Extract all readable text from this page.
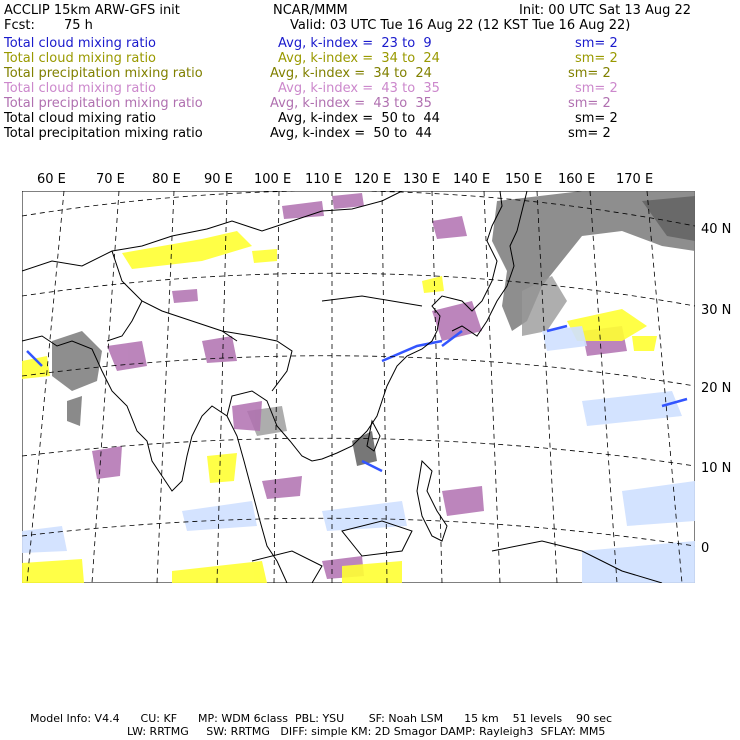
ACCLIP 15km ARW-GFS init	NCAR/MMM	Init: 00 UTC Sat 13 Aug 22
Fcst: 75 h	Valid: 03 UTC Tue 16 Aug 22 (12 KST Tue 16 Aug 22)
Total cloud mixing ratio	Avg, k-index =  23 to  9	sm= 2
Total cloud mixing ratio	Avg, k-index =  34 to  24	sm= 2
Total precipitation mixing ratio	Avg, k-index =  34 to  24	sm= 2
Total cloud mixing ratio	Avg, k-index =  43 to  35	sm= 2
Total precipitation mixing ratio	Avg, k-index =  43 to  35	sm= 2
Total cloud mixing ratio	Avg, k-index =  50 to  44	sm= 2
Total precipitation mixing ratio	Avg, k-index =  50 to  44	sm= 2
60 E 70 E 80 E 90 E 100 E 110 E 120 E 130 E 140 E 150 E 160 E 170 E
40 N
30 N
20 N
10 N
0
Model Info: V4.4      CU: KF      MP: WDM 6class  PBL: YSU       SF: Noah LSM      15 km    51 levels    90 sec
LW: RRTMG     SW: RRTMG   DIFF: simple KM: 2D Smagor DAMP: Rayleigh3  SFLAY: MM5
